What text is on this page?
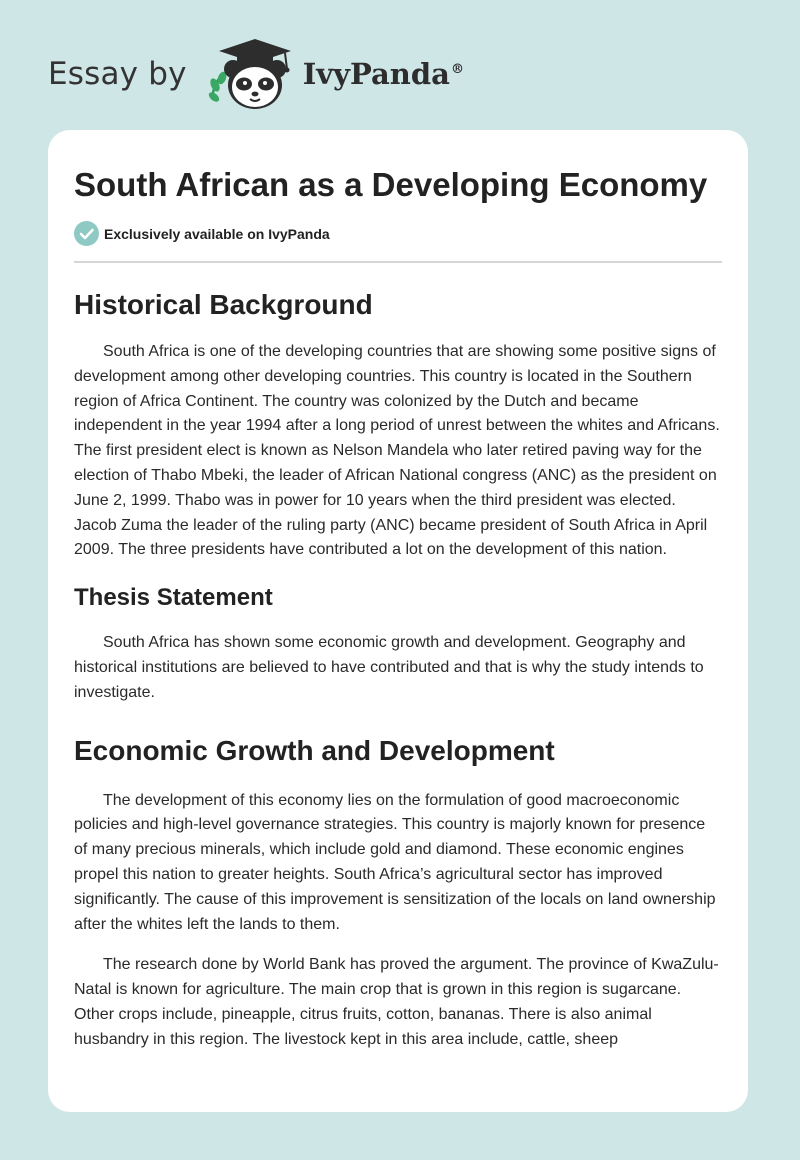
Essay by	IvyPanda®
South African as a Developing Economy
Exclusively available on IvyPanda
Historical Background

South Africa is one of the developing countries that are showing some positive signs of development among other developing countries. This country is located in the Southern region of Africa Continent. The country was colonized by the Dutch and became independent in the year 1994 after a long period of unrest between the whites and Africans. The first president elect is known as Nelson Mandela who later retired paving way for the election of Thabo Mbeki, the leader of African National congress (ANC) as the president on June 2, 1999. Thabo was in power for 10 years when the third president was elected. Jacob Zuma the leader of the ruling party (ANC) became president of South Africa in April 2009. The three presidents have contributed a lot on the development of this nation.

Thesis Statement

South Africa has shown some economic growth and development. Geography and historical institutions are believed to have contributed and that is why the study intends to investigate.

Economic Growth and Development

The development of this economy lies on the formulation of good macroeconomic policies and high-level governance strategies. This country is majorly known for presence of many precious minerals, which include gold and diamond. These economic engines propel this nation to greater heights. South Africa’s agricultural sector has improved significantly. The cause of this improvement is sensitization of the locals on land ownership after the whites left the lands to them.

The research done by World Bank has proved the argument. The province of KwaZulu- Natal is known for agriculture. The main crop that is grown in this region is sugarcane. Other crops include, pineapple, citrus fruits, cotton, bananas. There is also animal husbandry in this region. The livestock kept in this area include, cattle, sheep
